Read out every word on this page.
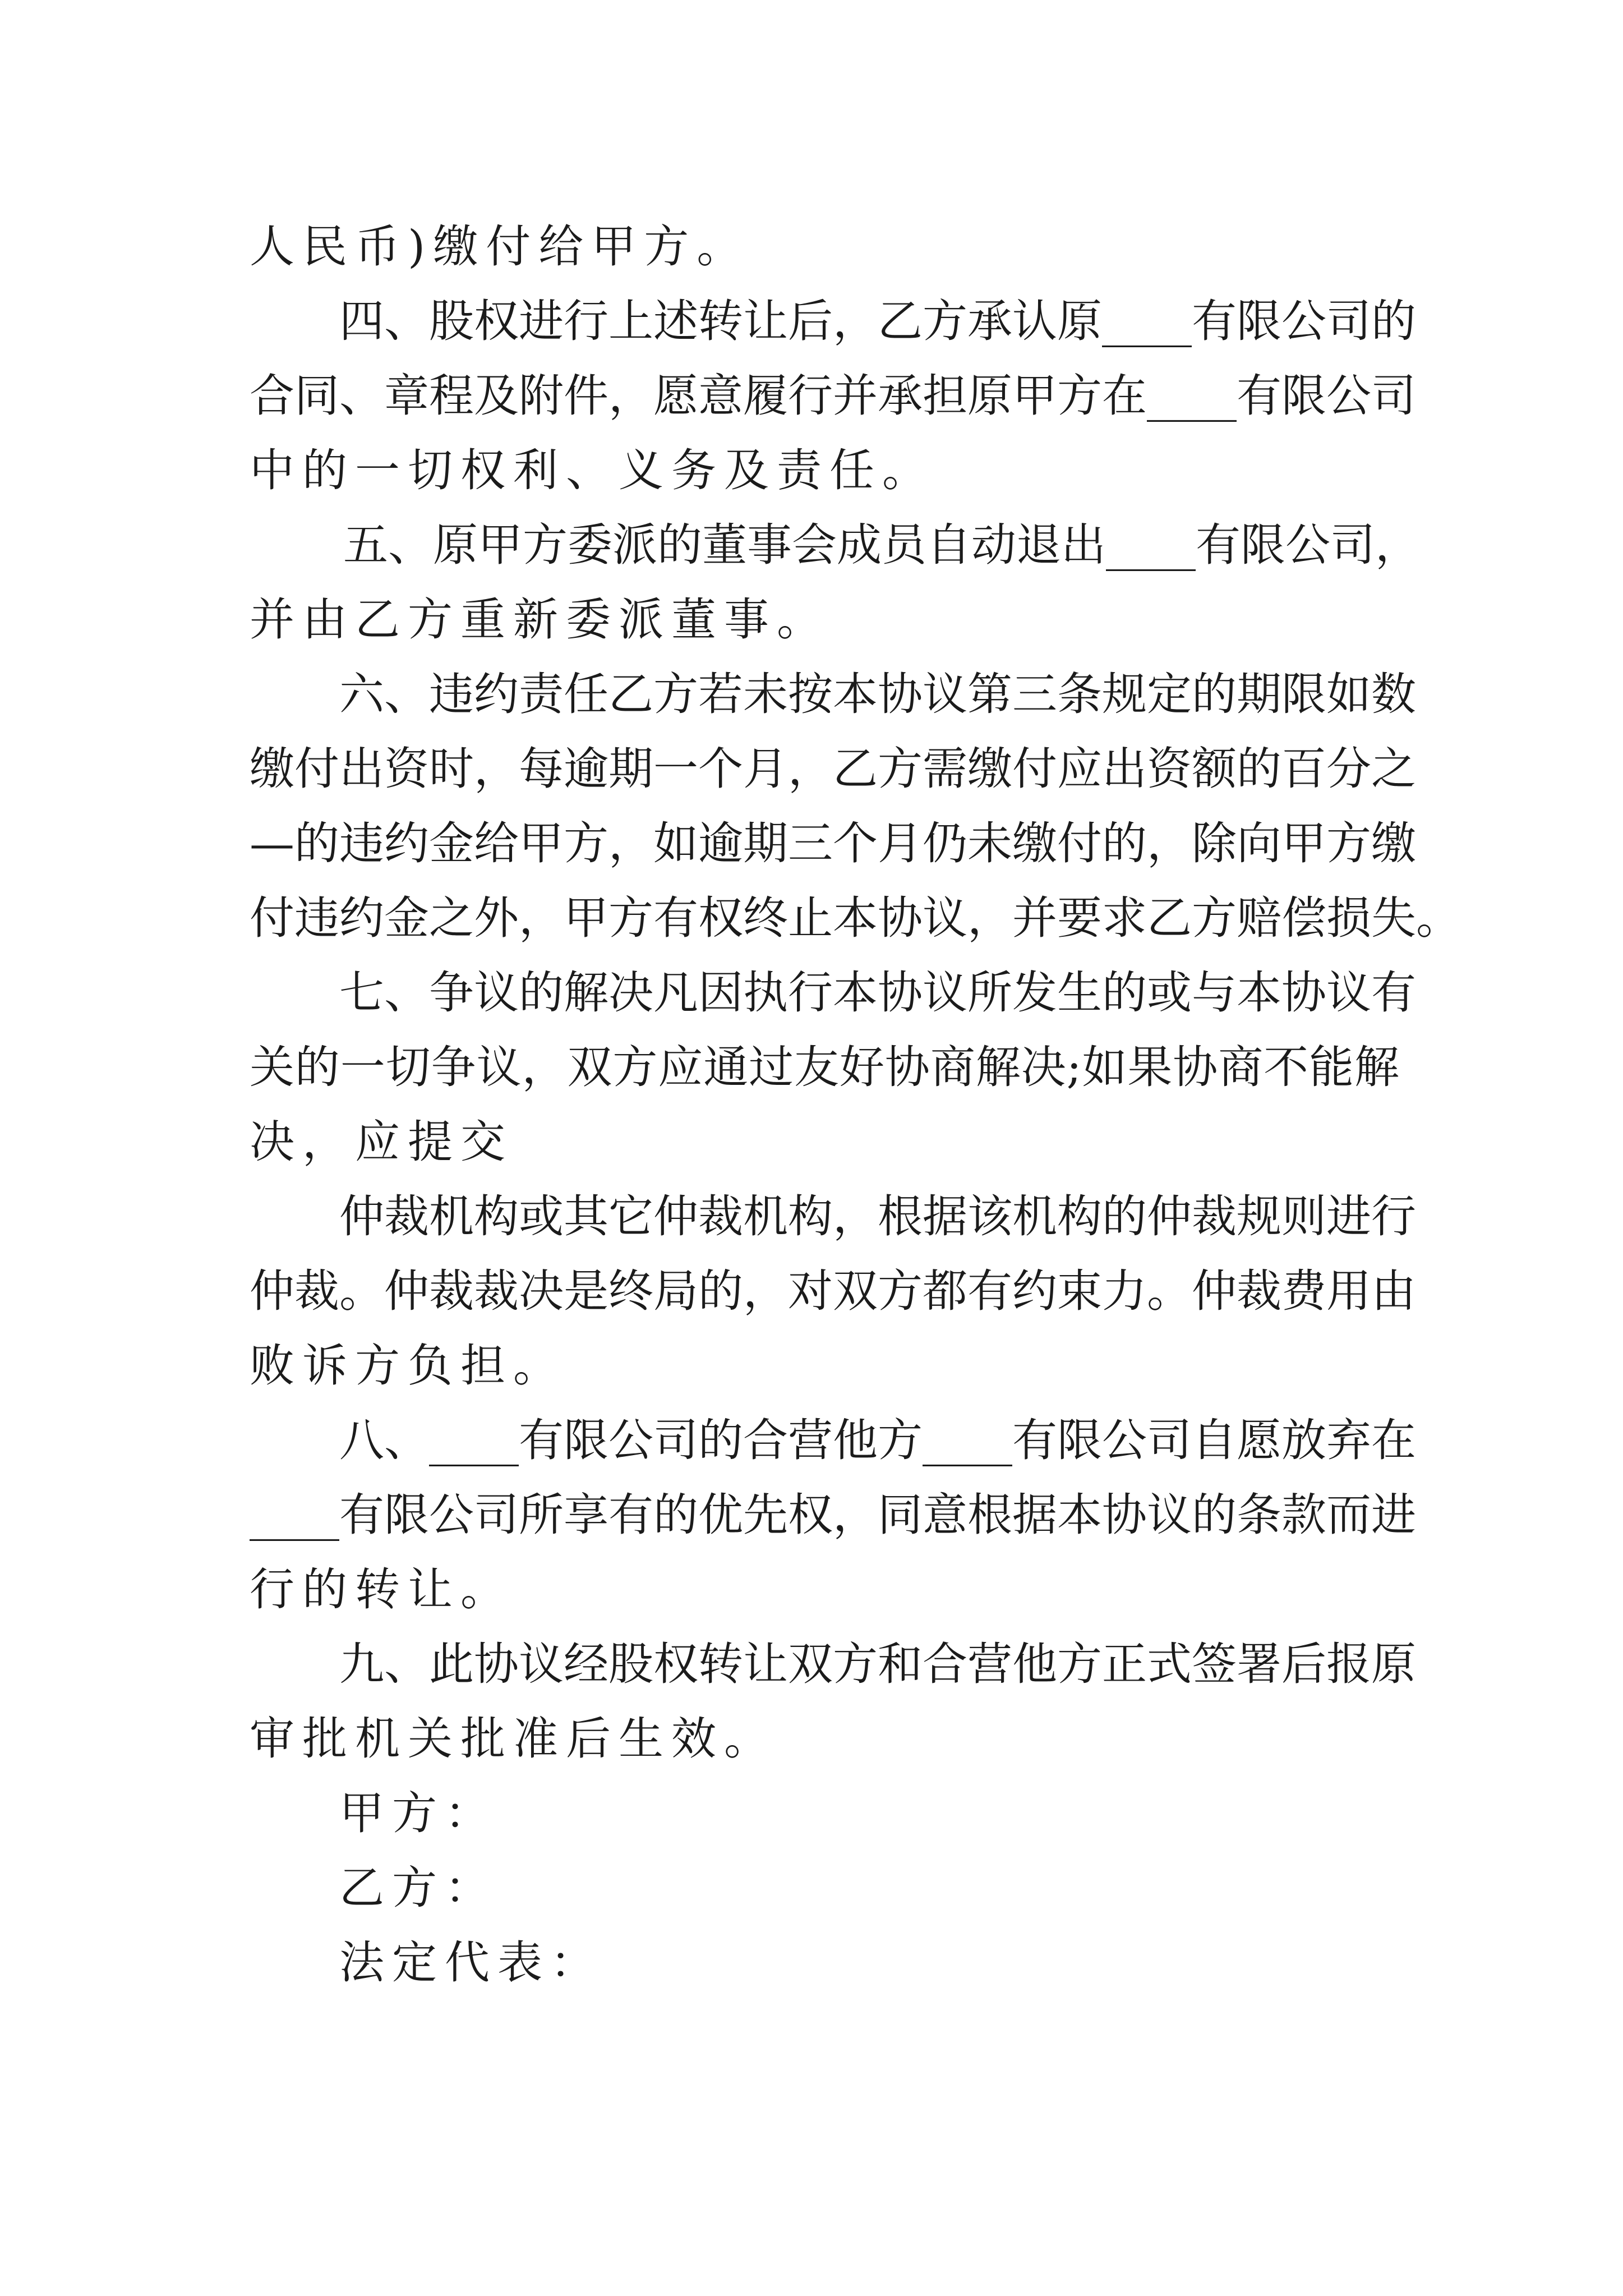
人民币)缴付给甲方。

四、股权进行上述转让后，乙方承认原____有限公司的

合同、章程及附件，愿意履行并承担原甲方在____有限公司

中的一切权利、义务及责任。

五、原甲方委派的董事会成员自动退出____有限公司，

并由乙方重新委派董事。

六、违约责任乙方若未按本协议第三条规定的期限如数

缴付出资时，每逾期一个月，乙方需缴付应出资额的百分之

—的违约金给甲方，如逾期三个月仍未缴付的，除向甲方缴

付违约金之外，甲方有权终止本协议，并要求乙方赔偿损失。

七、争议的解决凡因执行本协议所发生的或与本协议有

关的一切争议，双方应通过友好协商解决;如果协商不能解

决，应提交

仲裁机构或其它仲裁机构，根据该机构的仲裁规则进行

仲裁。仲裁裁决是终局的，对双方都有约束力。仲裁费用由

败诉方负担。

八、____有限公司的合营他方____有限公司自愿放弃在

____有限公司所享有的优先权，同意根据本协议的条款而进

行的转让。

九、此协议经股权转让双方和合营他方正式签署后报原

审批机关批准后生效。

甲方：

乙方：

法定代表：
